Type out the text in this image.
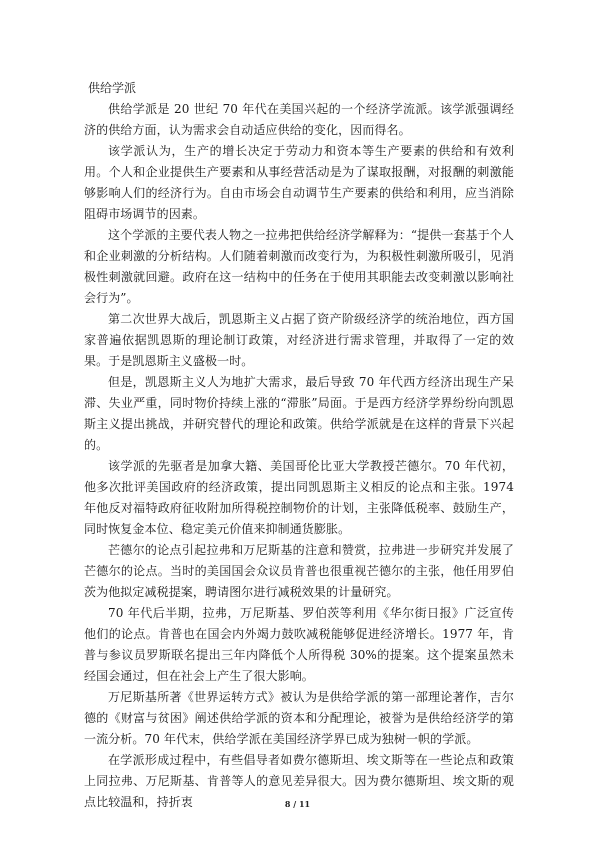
供给学派

供给学派是 20 世纪 70 年代在美国兴起的一个经济学流派。该学派强调经济的供给方面，认为需求会自动适应供给的变化，因而得名。

该学派认为，生产的增长决定于劳动力和资本等生产要素的供给和有效利用。个人和企业提供生产要素和从事经营活动是为了谋取报酬，对报酬的刺激能够影响人们的经济行为。自由市场会自动调节生产要素的供给和利用，应当消除阻碍市场调节的因素。

这个学派的主要代表人物之一拉弗把供给经济学解释为：“提供一套基于个人和企业刺激的分析结构。人们随着刺激而改变行为，为积极性刺激所吸引，见消极性刺激就回避。政府在这一结构中的任务在于使用其职能去改变刺激以影响社会行为”。

第二次世界大战后，凯恩斯主义占据了资产阶级经济学的统治地位，西方国家普遍依据凯恩斯的理论制订政策，对经济进行需求管理，并取得了一定的效果。于是凯恩斯主义盛极一时。

但是，凯恩斯主义人为地扩大需求，最后导致 70 年代西方经济出现生产呆滞、失业严重，同时物价持续上涨的“滞胀”局面。于是西方经济学界纷纷向凯恩斯主义提出挑战，并研究替代的理论和政策。供给学派就是在这样的背景下兴起的。

该学派的先驱者是加拿大籍、美国哥伦比亚大学教授芒德尔。70 年代初，他多次批评美国政府的经济政策，提出同凯恩斯主义相反的论点和主张。1974 年他反对福特政府征收附加所得税控制物价的计划，主张降低税率、鼓励生产，同时恢复金本位、稳定美元价值来抑制通货膨胀。

芒德尔的论点引起拉弗和万尼斯基的注意和赞赏，拉弗进一步研究并发展了芒德尔的论点。当时的美国国会众议员肯普也很重视芒德尔的主张，他任用罗伯茨为他拟定减税提案，聘请图尔进行减税效果的计量研究。

70 年代后半期，拉弗，万尼斯基、罗伯茨等利用《华尔街日报》广泛宣传他们的论点。肯普也在国会内外竭力鼓吹减税能够促进经济增长。1977 年，肯普与参议员罗斯联名提出三年内降低个人所得税 30%的提案。这个提案虽然未经国会通过，但在社会上产生了很大影响。

万尼斯基所著《世界运转方式》被认为是供给学派的第一部理论著作，吉尔德的《财富与贫困》阐述供给学派的资本和分配理论，被誉为是供给经济学的第一流分析。70 年代末，供给学派在美国经济学界已成为独树一帜的学派。

在学派形成过程中，有些倡导者如费尔德斯坦、埃文斯等在一些论点和政策上同拉弗、万尼斯基、肯普等人的意见差异很大。因为费尔德斯坦、埃文斯的观点比较温和，持折衷	8 / 11
